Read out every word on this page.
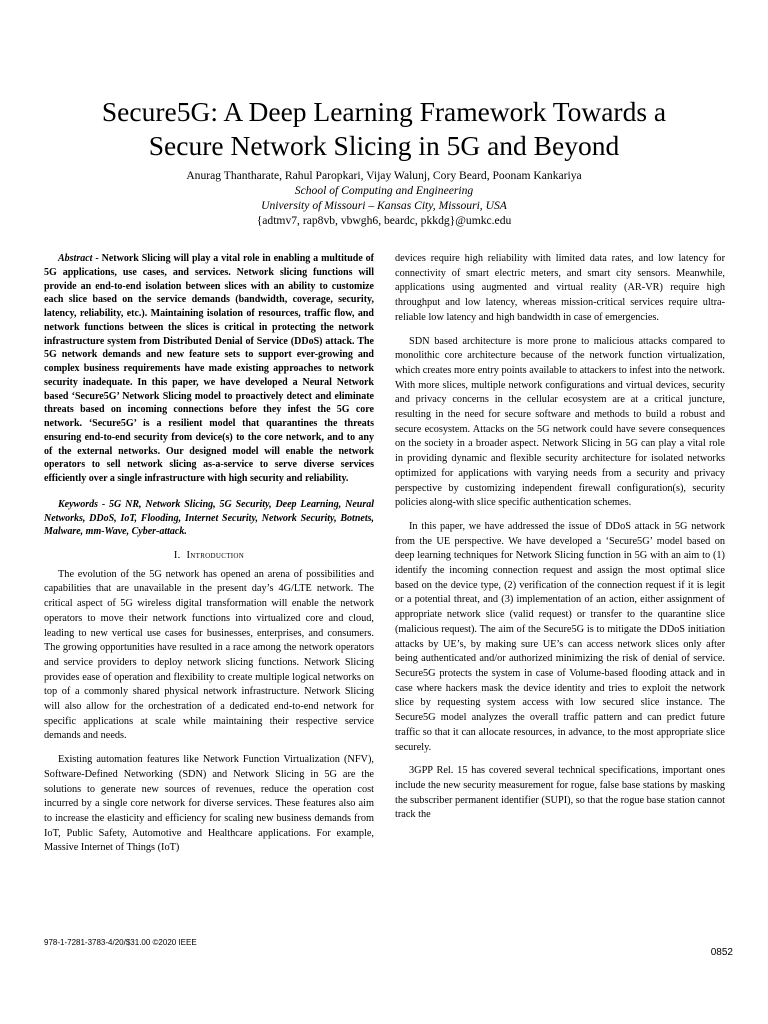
Secure5G: A Deep Learning Framework Towards a
Secure Network Slicing in 5G and Beyond
Anurag Thantharate, Rahul Paropkari, Vijay Walunj, Cory Beard, Poonam Kankariya
School of Computing and Engineering
University of Missouri – Kansas City, Missouri, USA
{adtmv7, rap8vb, vbwgh6, beardc, pkkdg}@umkc.edu

Abstract - Network Slicing will play a vital role in enabling a multitude of 5G applications, use cases, and services. Network slicing functions will provide an end-to-end isolation between slices with an ability to customize each slice based on the service demands (bandwidth, coverage, security, latency, reliability, etc.). Maintaining isolation of resources, traffic flow, and network functions between the slices is critical in protecting the network infrastructure system from Distributed Denial of Service (DDoS) attack. The 5G network demands and new feature sets to support ever-growing and complex business requirements have made existing approaches to network security inadequate. In this paper, we have developed a Neural Network based ‘Secure5G’ Network Slicing model to proactively detect and eliminate threats based on incoming connections before they infest the 5G core network. ‘Secure5G’ is a resilient model that quarantines the threats ensuring end-to-end security from device(s) to the core network, and to any of the external networks. Our designed model will enable the network operators to sell network slicing as-a-service to serve diverse services efficiently over a single infrastructure with high security and reliability.

Keywords - 5G NR, Network Slicing, 5G Security, Deep Learning, Neural Networks, DDoS, IoT, Flooding, Internet Security, Network Security, Botnets, Malware, mm-Wave, Cyber-attack.

I. Introduction

The evolution of the 5G network has opened an arena of possibilities and capabilities that are unavailable in the present day’s 4G/LTE network. The critical aspect of 5G wireless digital transformation will enable the network operators to move their network functions into virtualized core and cloud, leading to new vertical use cases for businesses, enterprises, and consumers. The growing opportunities have resulted in a race among the network operators and service providers to deploy network slicing functions. Network Slicing provides ease of operation and flexibility to create multiple logical networks on top of a commonly shared physical network infrastructure. Network Slicing will also allow for the orchestration of a dedicated end-to-end network for specific applications at scale while maintaining their respective service demands and needs.

Existing automation features like Network Function Virtualization (NFV), Software-Defined Networking (SDN) and Network Slicing in 5G are the solutions to generate new sources of revenues, reduce the operation cost incurred by a single core network for diverse services. These features also aim to increase the elasticity and efficiency for scaling new business demands from IoT, Public Safety, Automotive and Healthcare applications. For example, Massive Internet of Things (IoT)

devices require high reliability with limited data rates, and low latency for connectivity of smart electric meters, and smart city sensors. Meanwhile, applications using augmented and virtual reality (AR-VR) require high throughput and low latency, whereas mission-critical services require ultra-reliable low latency and high bandwidth in case of emergencies.

SDN based architecture is more prone to malicious attacks compared to monolithic core architecture because of the network function virtualization, which creates more entry points available to attackers to infest into the network. With more slices, multiple network configurations and virtual devices, security and privacy concerns in the cellular ecosystem are at a critical juncture, resulting in the need for secure software and methods to build a robust and secure ecosystem. Attacks on the 5G network could have severe consequences on the society in a broader aspect. Network Slicing in 5G can play a vital role in providing dynamic and flexible security architecture for isolated networks optimized for applications with varying needs from a security and privacy perspective by customizing independent firewall configuration(s), security policies along-with slice specific authentication schemes.

In this paper, we have addressed the issue of DDoS attack in 5G network from the UE perspective. We have developed a ‘Secure5G’ model based on deep learning techniques for Network Slicing function in 5G with an aim to (1) identify the incoming connection request and assign the most optimal slice based on the device type, (2) verification of the connection request if it is legit or a potential threat, and (3) implementation of an action, either assignment of appropriate network slice (valid request) or transfer to the quarantine slice (malicious request). The aim of the Secure5G is to mitigate the DDoS initiation attacks by UE’s, by making sure UE’s can access network slices only after being authenticated and/or authorized minimizing the risk of denial of service. Secure5G protects the system in case of Volume-based flooding attack and in case where hackers mask the device identity and tries to exploit the network slice by requesting system access with low secured slice instance. The Secure5G model analyzes the overall traffic pattern and can predict future traffic so that it can allocate resources, in advance, to the most appropriate slice securely.

3GPP Rel. 15 has covered several technical specifications, important ones include the new security measurement for rogue, false base stations by masking the subscriber permanent identifier (SUPI), so that the rogue base station cannot track the

978-1-7281-3783-4/20/$31.00 ©2020 IEEE
0852
